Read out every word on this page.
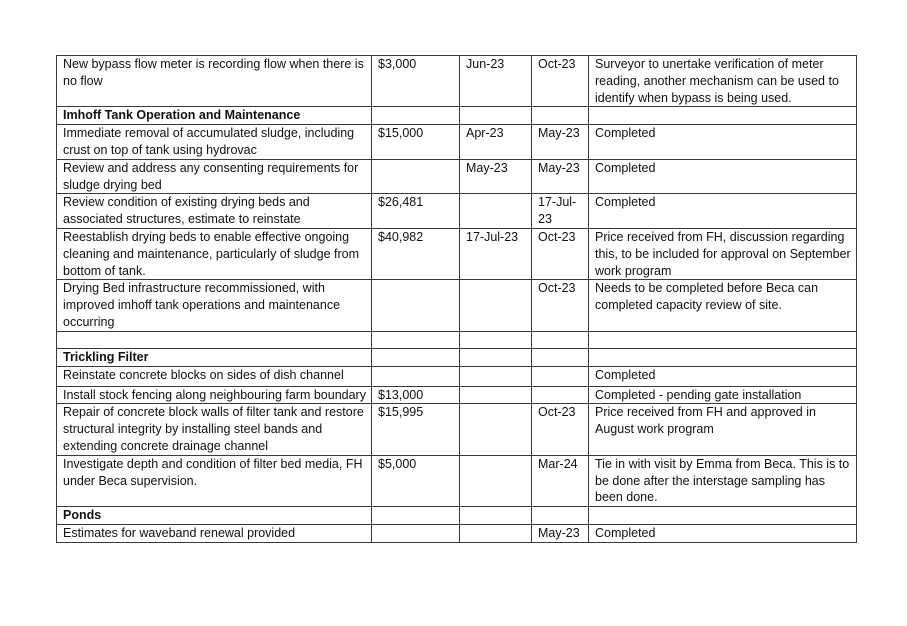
New bypass flow meter is recording flow when there is no flow	$3,000	Jun-23	Oct-23	Surveyor to unertake verification of meter reading, another mechanism can be used to identify when bypass is being used.
Imhoff Tank Operation and Maintenance				
Immediate removal of accumulated sludge, including crust on top of tank using hydrovac	$15,000	Apr-23	May-23	Completed
Review and address any consenting requirements for sludge drying bed		May-23	May-23	Completed
Review condition of existing drying beds and associated structures, estimate to reinstate	$26,481		17-Jul-23	Completed
Reestablish drying beds to enable effective ongoing cleaning and maintenance, particularly of sludge from bottom of tank.	$40,982	17-Jul-23	Oct-23	Price received from FH, discussion regarding this, to be included for approval on September work program
Drying Bed infrastructure recommissioned, with improved imhoff tank operations and maintenance occurring			Oct-23	Needs to be completed before Beca can completed capacity review of site.

Trickling Filter				
Reinstate concrete blocks on sides of dish channel				Completed
Install stock fencing along neighbouring farm boundary	$13,000			Completed - pending gate installation
Repair of concrete block walls of filter tank and restore structural integrity by installing steel bands and extending concrete drainage channel	$15,995		Oct-23	Price received from FH and approved in August work program
Investigate depth and condition of filter bed media, FH under Beca supervision.	$5,000		Mar-24	Tie in with visit by Emma from Beca. This is to be done after the interstage sampling has been done.
Ponds				
Estimates for waveband renewal provided			May-23	Completed
